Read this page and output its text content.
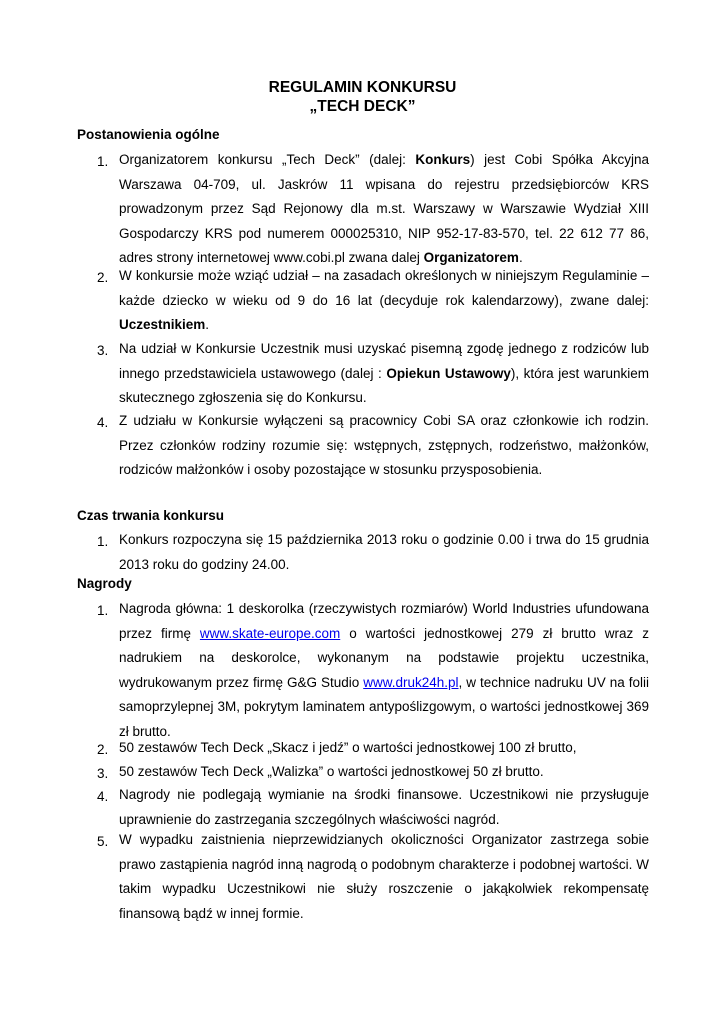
REGULAMIN KONKURSU
„TECH DECK”
Postanowienia ogólne
1. Organizatorem konkursu „Tech Deck” (dalej: Konkurs) jest Cobi Spółka Akcyjna Warszawa 04-709, ul. Jaskrów 11 wpisana do rejestru przedsiębiorców KRS prowadzonym przez Sąd Rejonowy dla m.st. Warszawy w Warszawie Wydział XIII Gospodarczy KRS pod numerem 000025310, NIP 952-17-83-570, tel. 22 612 77 86, adres strony internetowej www.cobi.pl zwana dalej Organizatorem.
2. W konkursie może wziąć udział – na zasadach określonych w niniejszym Regulaminie – każde dziecko w wieku od 9 do 16 lat (decyduje rok kalendarzowy), zwane dalej: Uczestnikiem.
3. Na udział w Konkursie Uczestnik musi uzyskać pisemną zgodę jednego z rodziców lub innego przedstawiciela ustawowego (dalej : Opiekun Ustawowy), która jest warunkiem skutecznego zgłoszenia się do Konkursu.
4. Z udziału w Konkursie wyłączeni są pracownicy Cobi SA oraz członkowie ich rodzin. Przez członków rodziny rozumie się: wstępnych, zstępnych, rodzeństwo, małżonków, rodziców małżonków i osoby pozostające w stosunku przysposobienia.
Czas trwania konkursu
1. Konkurs rozpoczyna się 15 października 2013 roku o godzinie 0.00 i trwa do 15 grudnia 2013 roku do godziny 24.00.
Nagrody
1. Nagroda główna: 1 deskorolka (rzeczywistych rozmiarów) World Industries ufundowana przez firmę www.skate-europe.com o wartości jednostkowej 279 zł brutto wraz z nadrukiem na deskorolce, wykonanym na podstawie projektu uczestnika, wydrukowanym przez firmę G&G Studio www.druk24h.pl, w technice nadruku UV na folii samoprzylepnej 3M, pokrytym laminatem antypoślizgowym, o wartości jednostkowej 369 zł brutto.
2. 50 zestawów Tech Deck „Skacz i jedź” o wartości jednostkowej 100 zł brutto,
3. 50 zestawów Tech Deck „Walizka” o wartości jednostkowej 50 zł brutto.
4. Nagrody nie podlegają wymianie na środki finansowe. Uczestnikowi nie przysługuje uprawnienie do zastrzegania szczególnych właściwości nagród.
5. W wypadku zaistnienia nieprzewidzianych okoliczności Organizator zastrzega sobie prawo zastąpienia nagród inną nagrodą o podobnym charakterze i podobnej wartości. W takim wypadku Uczestnikowi nie służy roszczenie o jakąkolwiek rekompensatę finansową bądź w innej formie.
